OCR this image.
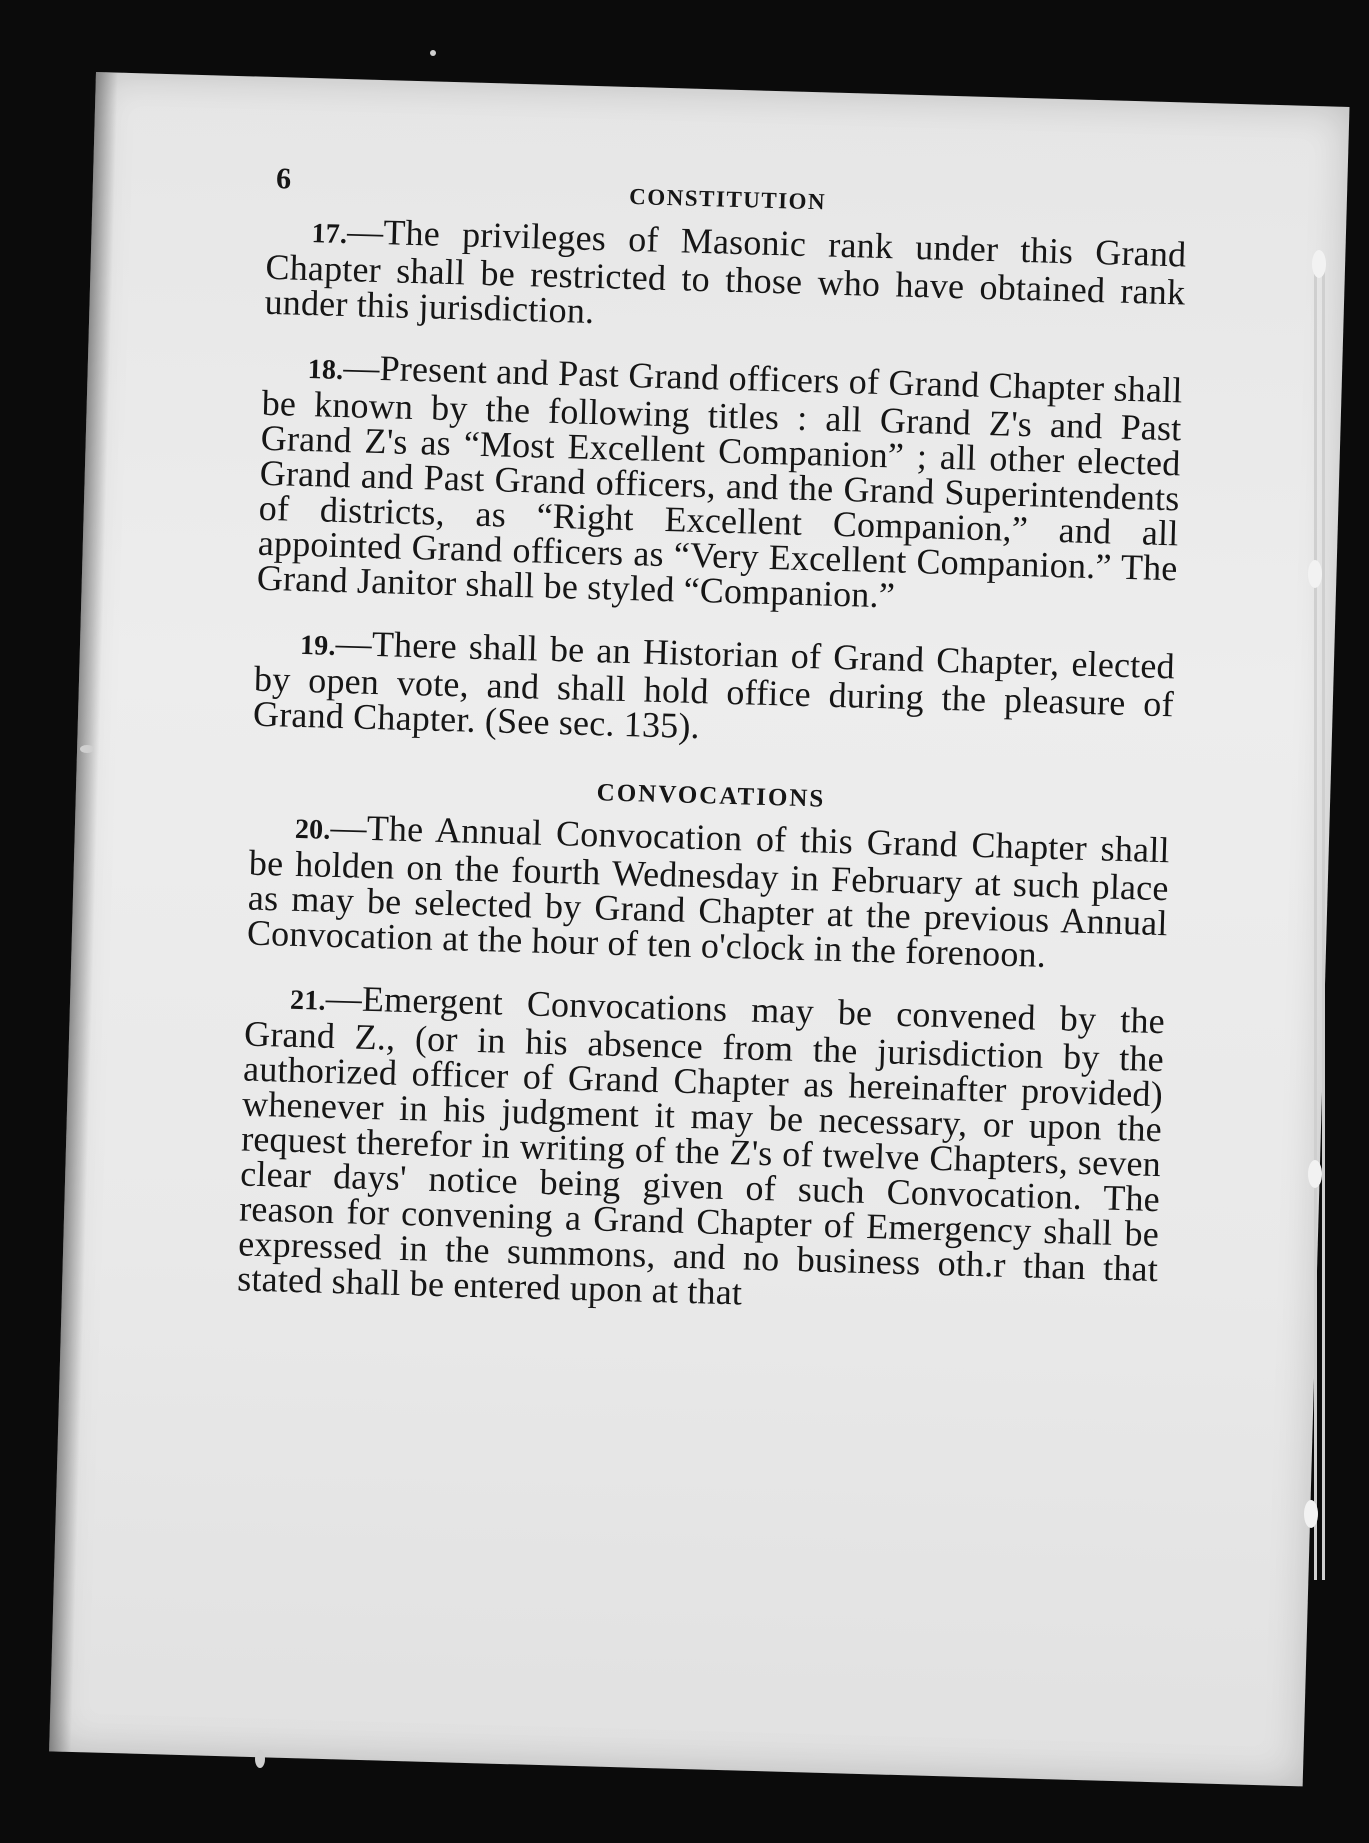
6
CONSTITUTION

17.—The privileges of Masonic rank under this Grand Chapter shall be restricted to those who have obtained rank under this jurisdiction.

18.—Present and Past Grand officers of Grand Chapter shall be known by the following titles : all Grand Z's and Past Grand Z's as “Most Excellent Companion” ; all other elected Grand and Past Grand officers, and the Grand Superintendents of districts, as “Right Excellent Companion,” and all appointed Grand officers as “Very Excellent Companion.” The Grand Janitor shall be styled “Companion.”

19.—There shall be an Historian of Grand Chapter, elected by open vote, and shall hold office during the pleasure of Grand Chapter. (See sec. 135).

CONVOCATIONS

20.—The Annual Convocation of this Grand Chapter shall be holden on the fourth Wednesday in February at such place as may be selected by Grand Chapter at the previous Annual Convocation at the hour of ten o'clock in the forenoon.

21.—Emergent Convocations may be convened by the Grand Z., (or in his absence from the jurisdiction by the authorized officer of Grand Chapter as hereinafter provided) whenever in his judgment it may be necessary, or upon the request therefor in writing of the Z's of twelve Chapters, seven clear days' notice being given of such Convocation. The reason for convening a Grand Chapter of Emergency shall be expressed in the summons, and no business oth.r than that stated shall be entered upon at that
